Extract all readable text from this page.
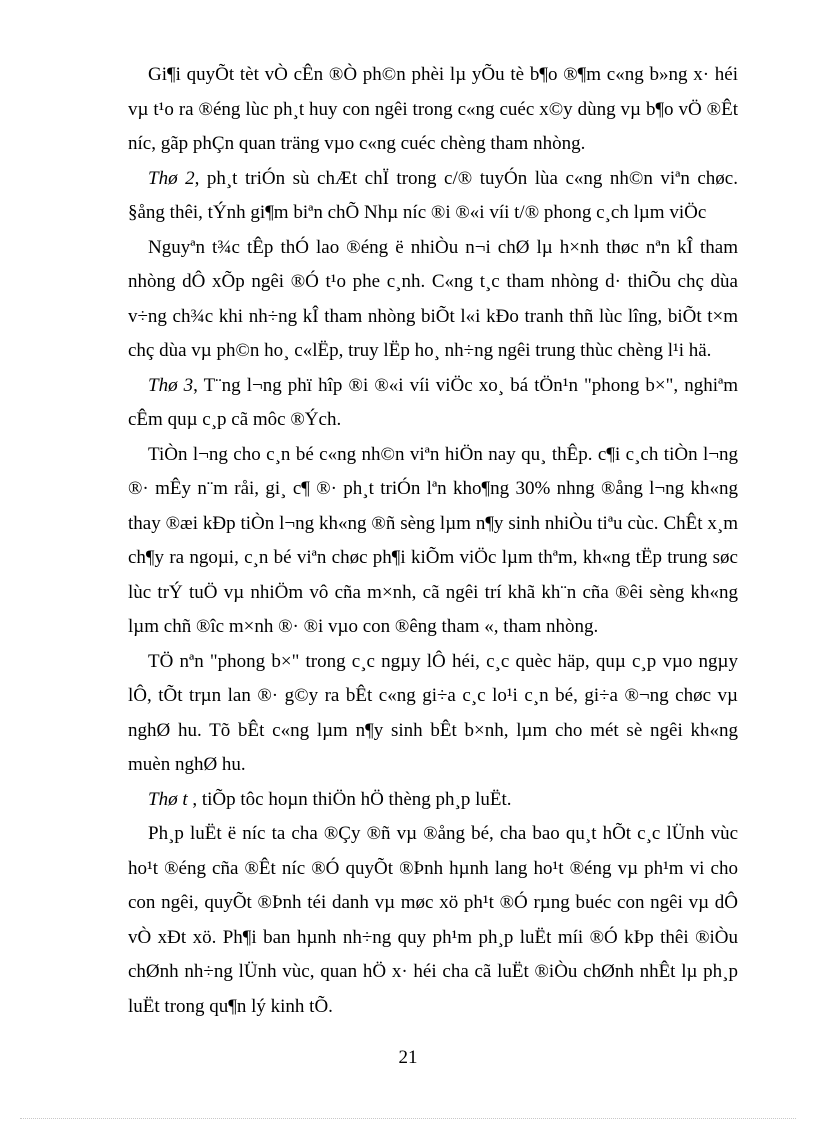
Gi¶i quyÕt tèt vÒ cÊn ®Ò ph©n phèi lµ yÕu tè b¶o ®¶m c«ng b»ng x· héi vµ t¹o ra ®éng lùc ph¸t huy con ngêi trong c«ng cuéc x©y dùng vµ b¶o vÖ ®Êt níc, gãp phÇn quan träng vµo c«ng cuéc chèng tham nhòng.

Thø 2, ph¸t triÓn sù chÆt chÏ trong c/® tuyÓn lùa c«ng nh©n viªn chøc. §ång thêi, tÝnh gi¶m biªn chÕ Nhµ níc ®i ®«i víi t/® phong c¸ch lµm viÖc

Nguyªn t¾c tÊp thÓ lao ®éng ë nhiÒu n¬i chØ lµ h×nh thøc nªn kÎ tham nhòng dÔ xÕp ngêi ®Ó t¹o phe c¸nh. C«ng t¸c tham nhòng d· thiÕu chç dùa v÷ng ch¾c khi nh÷ng kÎ tham nhòng biÕt l«i kÐo tranh thñ lùc lîng, biÕt t×m chç dùa vµ ph©n ho¸ c«lËp, truy lËp ho¸ nh÷ng ngêi trung thùc chèng l¹i hä.

Thø 3, T¨ng l¬ng phï hîp ®i ®«i víi viÖc xo¸ bá tÖn¹n "phong b×", nghiªm cÊm quµ c¸p cã môc ®Ých.

TiÒn l¬ng cho c¸n bé c«ng nh©n viªn hiÖn nay qu¸ thÊp. c¶i c¸ch tiÒn l¬ng ®· mÊy n¨m råi, gi¸ c¶ ®· ph¸t triÓn lªn kho¶ng 30% nhng ®ång l¬ng kh«ng thay ®æi kÐp tiÒn l¬ng kh«ng ®ñ sèng lµm n¶y sinh nhiÒu tiªu cùc. ChÊt x¸m ch¶y ra ngoµi, c¸n bé viªn chøc ph¶i kiÕm viÖc lµm thªm, kh«ng tËp trung søc lùc trÝ tuÖ vµ nhiÖm vô cña m×nh, cã ngêi trí khã kh¨n cña ®êi sèng kh«ng lµm chñ ®îc m×nh ®· ®i vµo con ®êng tham «, tham nhòng.

TÖ nªn "phong b×" trong c¸c ngµy lÔ héi, c¸c quèc häp, quµ c¸p vµo ngµy lÔ, tÕt trµn lan ®· g©y ra bÊt c«ng gi÷a c¸c lo¹i c¸n bé, gi÷a ®¬ng chøc vµ nghØ hu. Tõ bÊt c«ng lµm n¶y sinh bÊt b×nh, lµm cho mét sè ngêi kh«ng muèn nghØ hu.

Thø t , tiÕp tôc hoµn thiÖn hÖ thèng ph¸p luËt.

Ph¸p luËt ë níc ta cha ®Çy ®ñ vµ ®ång bé, cha bao qu¸t hÕt c¸c lÜnh vùc ho¹t ®éng cña ®Êt níc ®Ó quyÕt ®Þnh hµnh lang ho¹t ®éng vµ ph¹m vi cho con ngêi, quyÕt ®Þnh téi danh vµ møc xö ph¹t ®Ó rµng buéc con ngêi vµ dÔ vÒ xÐt xö. Ph¶i ban hµnh nh÷ng quy ph¹m ph¸p luËt míi ®Ó kÞp thêi ®iÒu chØnh nh÷ng lÜnh vùc, quan hÖ x· héi cha cã luËt ®iÒu chØnh nhÊt lµ ph¸p luËt trong qu¶n lý kinh tÕ.

21
